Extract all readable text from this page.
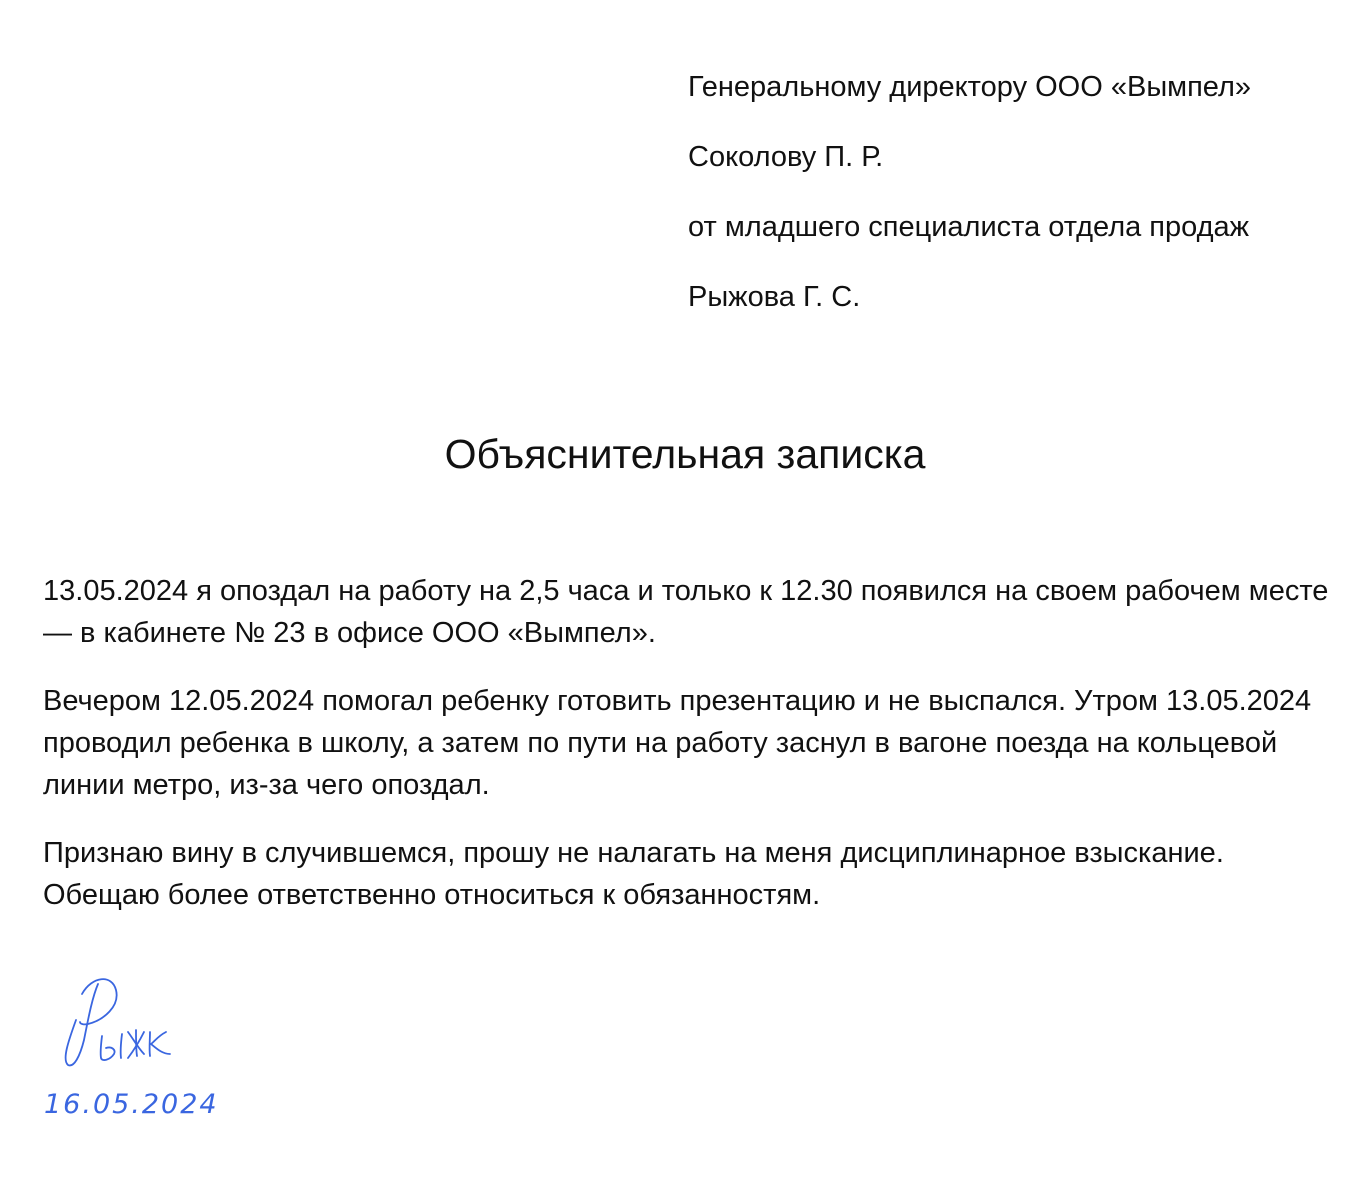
Генеральному директору ООО «Вымпел»
Соколову П. Р.
от младшего специалиста отдела продаж
Рыжова Г. С.
Объяснительная записка

13.05.2024 я опоздал на работу на 2,5 часа и только к 12.30 появился на своем рабочем месте — в кабинете № 23 в офисе ООО «Вымпел».

Вечером 12.05.2024 помогал ребенку готовить презентацию и не выспался. Утром 13.05.2024 проводил ребенка в школу, а затем по пути на работу заснул в вагоне поезда на кольцевой линии метро, из-за чего опоздал.

Признаю вину в случившемся, прошу не налагать на меня дисциплинарное взыскание. Обещаю более ответственно относиться к обязанностям.

16.05.2024
